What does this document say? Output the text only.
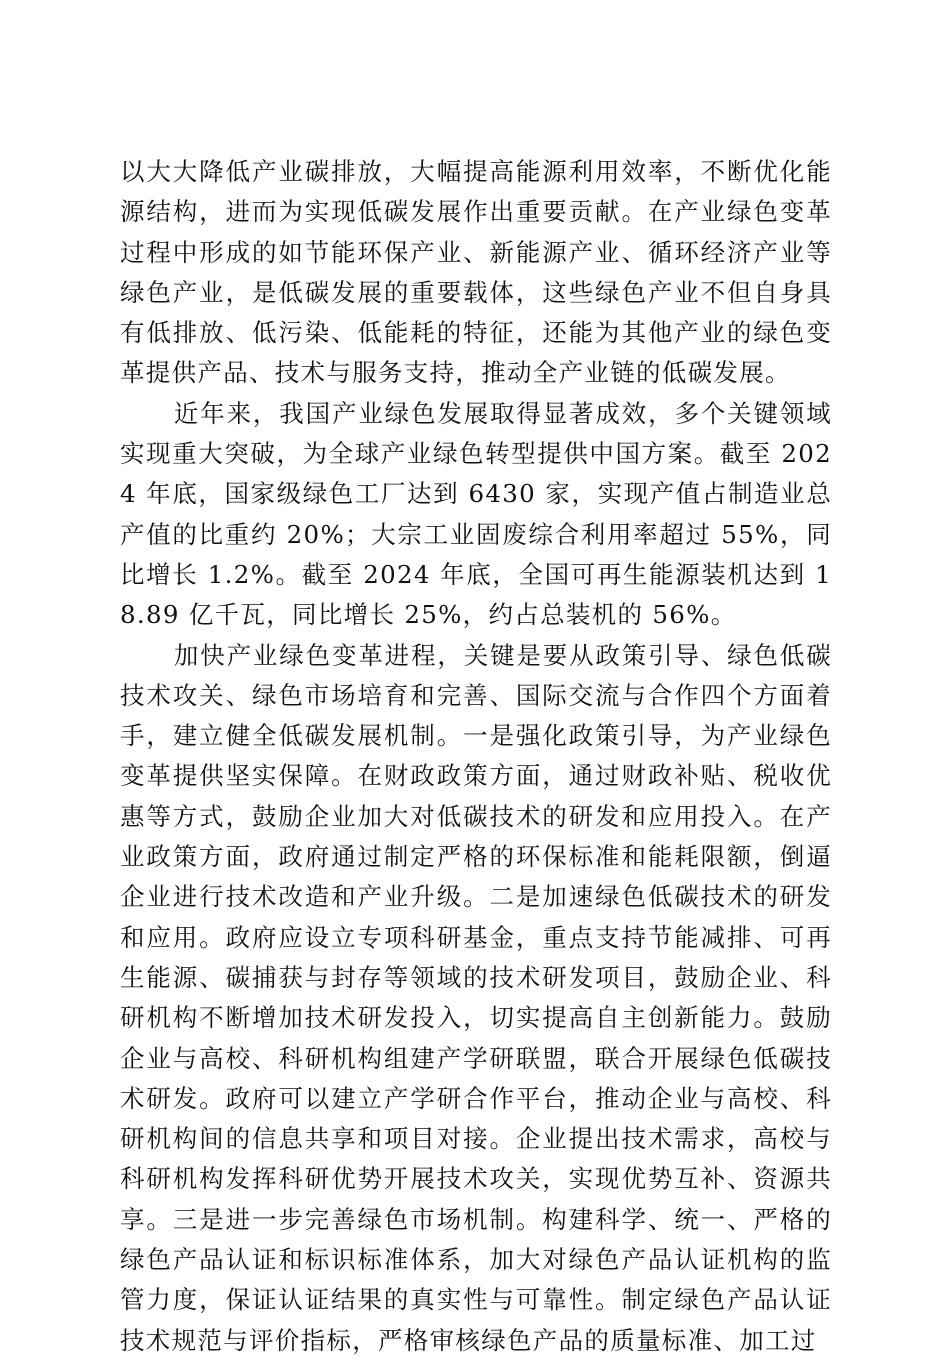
以大大降低产业碳排放，大幅提高能源利用效率，不断优化能源结构，进而为实现低碳发展作出重要贡献。在产业绿色变革过程中形成的如节能环保产业、新能源产业、循环经济产业等绿色产业，是低碳发展的重要载体，这些绿色产业不但自身具有低排放、低污染、低能耗的特征，还能为其他产业的绿色变革提供产品、技术与服务支持，推动全产业链的低碳发展。

近年来，我国产业绿色发展取得显著成效，多个关键领域实现重大突破，为全球产业绿色转型提供中国方案。截至 2024 年底，国家级绿色工厂达到 6430 家，实现产值占制造业总产值的比重约 20%；大宗工业固废综合利用率超过 55%，同比增长 1.2%。截至 2024 年底，全国可再生能源装机达到 18.89 亿千瓦，同比增长 25%，约占总装机的 56%。

加快产业绿色变革进程，关键是要从政策引导、绿色低碳技术攻关、绿色市场培育和完善、国际交流与合作四个方面着手，建立健全低碳发展机制。一是强化政策引导，为产业绿色变革提供坚实保障。在财政政策方面，通过财政补贴、税收优惠等方式，鼓励企业加大对低碳技术的研发和应用投入。在产业政策方面，政府通过制定严格的环保标准和能耗限额，倒逼企业进行技术改造和产业升级。二是加速绿色低碳技术的研发和应用。政府应设立专项科研基金，重点支持节能减排、可再生能源、碳捕获与封存等领域的技术研发项目，鼓励企业、科研机构不断增加技术研发投入，切实提高自主创新能力。鼓励企业与高校、科研机构组建产学研联盟，联合开展绿色低碳技术研发。政府可以建立产学研合作平台，推动企业与高校、科研机构间的信息共享和项目对接。企业提出技术需求，高校与科研机构发挥科研优势开展技术攻关，实现优势互补、资源共享。三是进一步完善绿色市场机制。构建科学、统一、严格的绿色产品认证和标识标准体系，加大对绿色产品认证机构的监管力度，保证认证结果的真实性与可靠性。制定绿色产品认证技术规范与评价指标，严格审核绿色产品的质量标准、加工过
